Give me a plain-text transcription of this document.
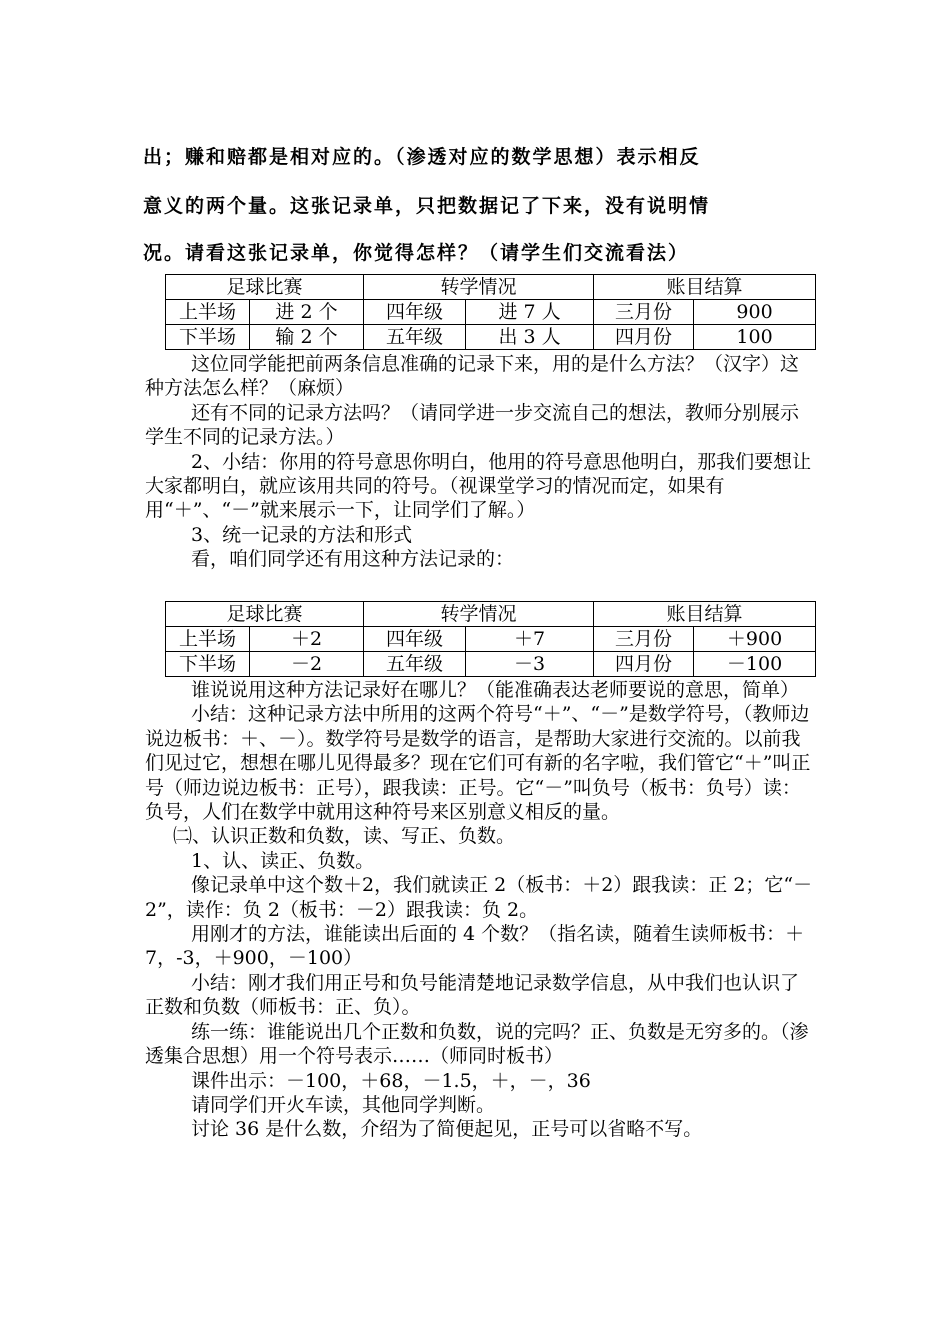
出；赚和赔都是相对应的。（渗透对应的数学思想）表示相反
意义的两个量。这张记录单，只把数据记了下来，没有说明情
况。请看这张记录单，你觉得怎样？（请学生们交流看法）
足球比赛		转学情况		账目结算	
上半场	进 2 个	四年级	进 7 人	三月份	900
下半场	输 2 个	五年级	出 3 人	四月份	100

这位同学能把前两条信息准确的记录下来，用的是什么方法？（汉字）这种方法怎么样？（麻烦）

还有不同的记录方法吗？（请同学进一步交流自己的想法，教师分别展示学生不同的记录方法。）

2、小结：你用的符号意思你明白，他用的符号意思他明白，那我们要想让大家都明白，就应该用共同的符号。（视课堂学习的情况而定，如果有用“＋”、“－”就来展示一下，让同学们了解。）

3、统一记录的方法和形式

看，咱们同学还有用这种方法记录的：

足球比赛		转学情况		账目结算	
上半场	＋2	四年级	＋7	三月份	＋900
下半场	－2	五年级	－3	四月份	－100

谁说说用这种方法记录好在哪儿？（能准确表达老师要说的意思，简单）

小结：这种记录方法中所用的这两个符号“＋”、“－”是数学符号，（教师边说边板书：＋、－）。数学符号是数学的语言，是帮助大家进行交流的。以前我们见过它，想想在哪儿见得最多？现在它们可有新的名字啦，我们管它“＋”叫正号（师边说边板书：正号），跟我读：正号。它“－”叫负号（板书：负号）读：负号，人们在数学中就用这种符号来区别意义相反的量。

㈡、认识正数和负数，读、写正、负数。

1、认、读正、负数。

像记录单中这个数＋2，我们就读正 2（板书：＋2）跟我读：正 2；它“－2”，读作：负 2（板书：－2）跟我读：负 2。

用刚才的方法，谁能读出后面的 4 个数？（指名读，随着生读师板书：＋7，-3，＋900，－100）

小结：刚才我们用正号和负号能清楚地记录数学信息，从中我们也认识了正数和负数（师板书：正、负）。

练一练：谁能说出几个正数和负数，说的完吗？正、负数是无穷多的。（渗透集合思想）用一个符号表示……（师同时板书）

课件出示：－100，＋68，－1.5，＋，－，36

请同学们开火车读，其他同学判断。

讨论 36 是什么数，介绍为了简便起见，正号可以省略不写。
